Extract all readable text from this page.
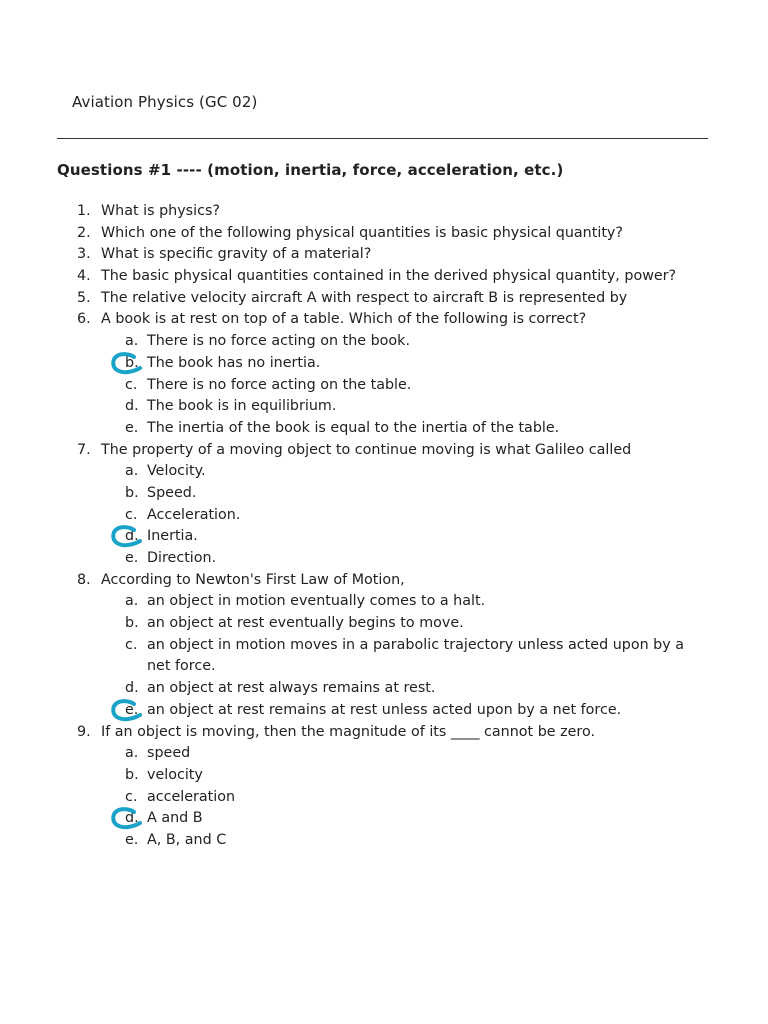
Aviation Physics (GC 02)
Questions #1 ---- (motion, inertia, force, acceleration, etc.)
1. What is physics?
2. Which one of the following physical quantities is basic physical quantity?
3. What is specific gravity of a material?
4. The basic physical quantities contained in the derived physical quantity, power?
5. The relative velocity aircraft A with respect to aircraft B is represented by
6. A book is at rest on top of a table. Which of the following is correct?
a. There is no force acting on the book.
b. The book has no inertia.
c. There is no force acting on the table.
d. The book is in equilibrium.
e. The inertia of the book is equal to the inertia of the table.
7. The property of a moving object to continue moving is what Galileo called
a. Velocity.
b. Speed.
c. Acceleration.
d. Inertia.
e. Direction.
8. According to Newton's First Law of Motion,
a. an object in motion eventually comes to a halt.
b. an object at rest eventually begins to move.
c. an object in motion moves in a parabolic trajectory unless acted upon by a net force.
d. an object at rest always remains at rest.
e. an object at rest remains at rest unless acted upon by a net force.
9. If an object is moving, then the magnitude of its ____ cannot be zero.
a. speed
b. velocity
c. acceleration
d. A and B
e. A, B, and C
